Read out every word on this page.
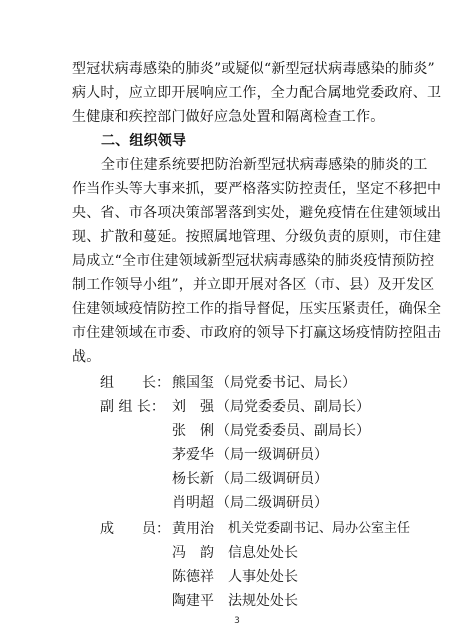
型冠状病毒感染的肺炎”或疑似“新型冠状病毒感染的肺炎”
病人时，应立即开展响应工作，全力配合属地党委政府、卫
生健康和疾控部门做好应急处置和隔离检查工作。
二、组织领导
全市住建系统要把防治新型冠状病毒感染的肺炎的工
作当作头等大事来抓，要严格落实防控责任，坚定不移把中
央、省、市各项决策部署落到实处，避免疫情在住建领域出
现、扩散和蔓延。按照属地管理、分级负责的原则，市住建
局成立“全市住建领域新型冠状病毒感染的肺炎疫情预防控
制工作领导小组”，并立即开展对各区（市、县）及开发区
住建领域疫情防控工作的指导督促，压实压紧责任，确保全
市住建领域在市委、市政府的领导下打赢这场疫情防控阻击
战。
组　　长： 熊国玺 （局党委书记、局长）
副 组 长： 刘　强 （局党委委员、副局长）
张　俐 （局党委委员、副局长）
茅爱华 （局一级调研员）
杨长新 （局二级调研员）
肖明超 （局二级调研员）
成　　员： 黄用治 机关党委副书记、局办公室主任
冯　韵 信息处处长
陈德祥 人事处处长
陶建平 法规处处长
3
